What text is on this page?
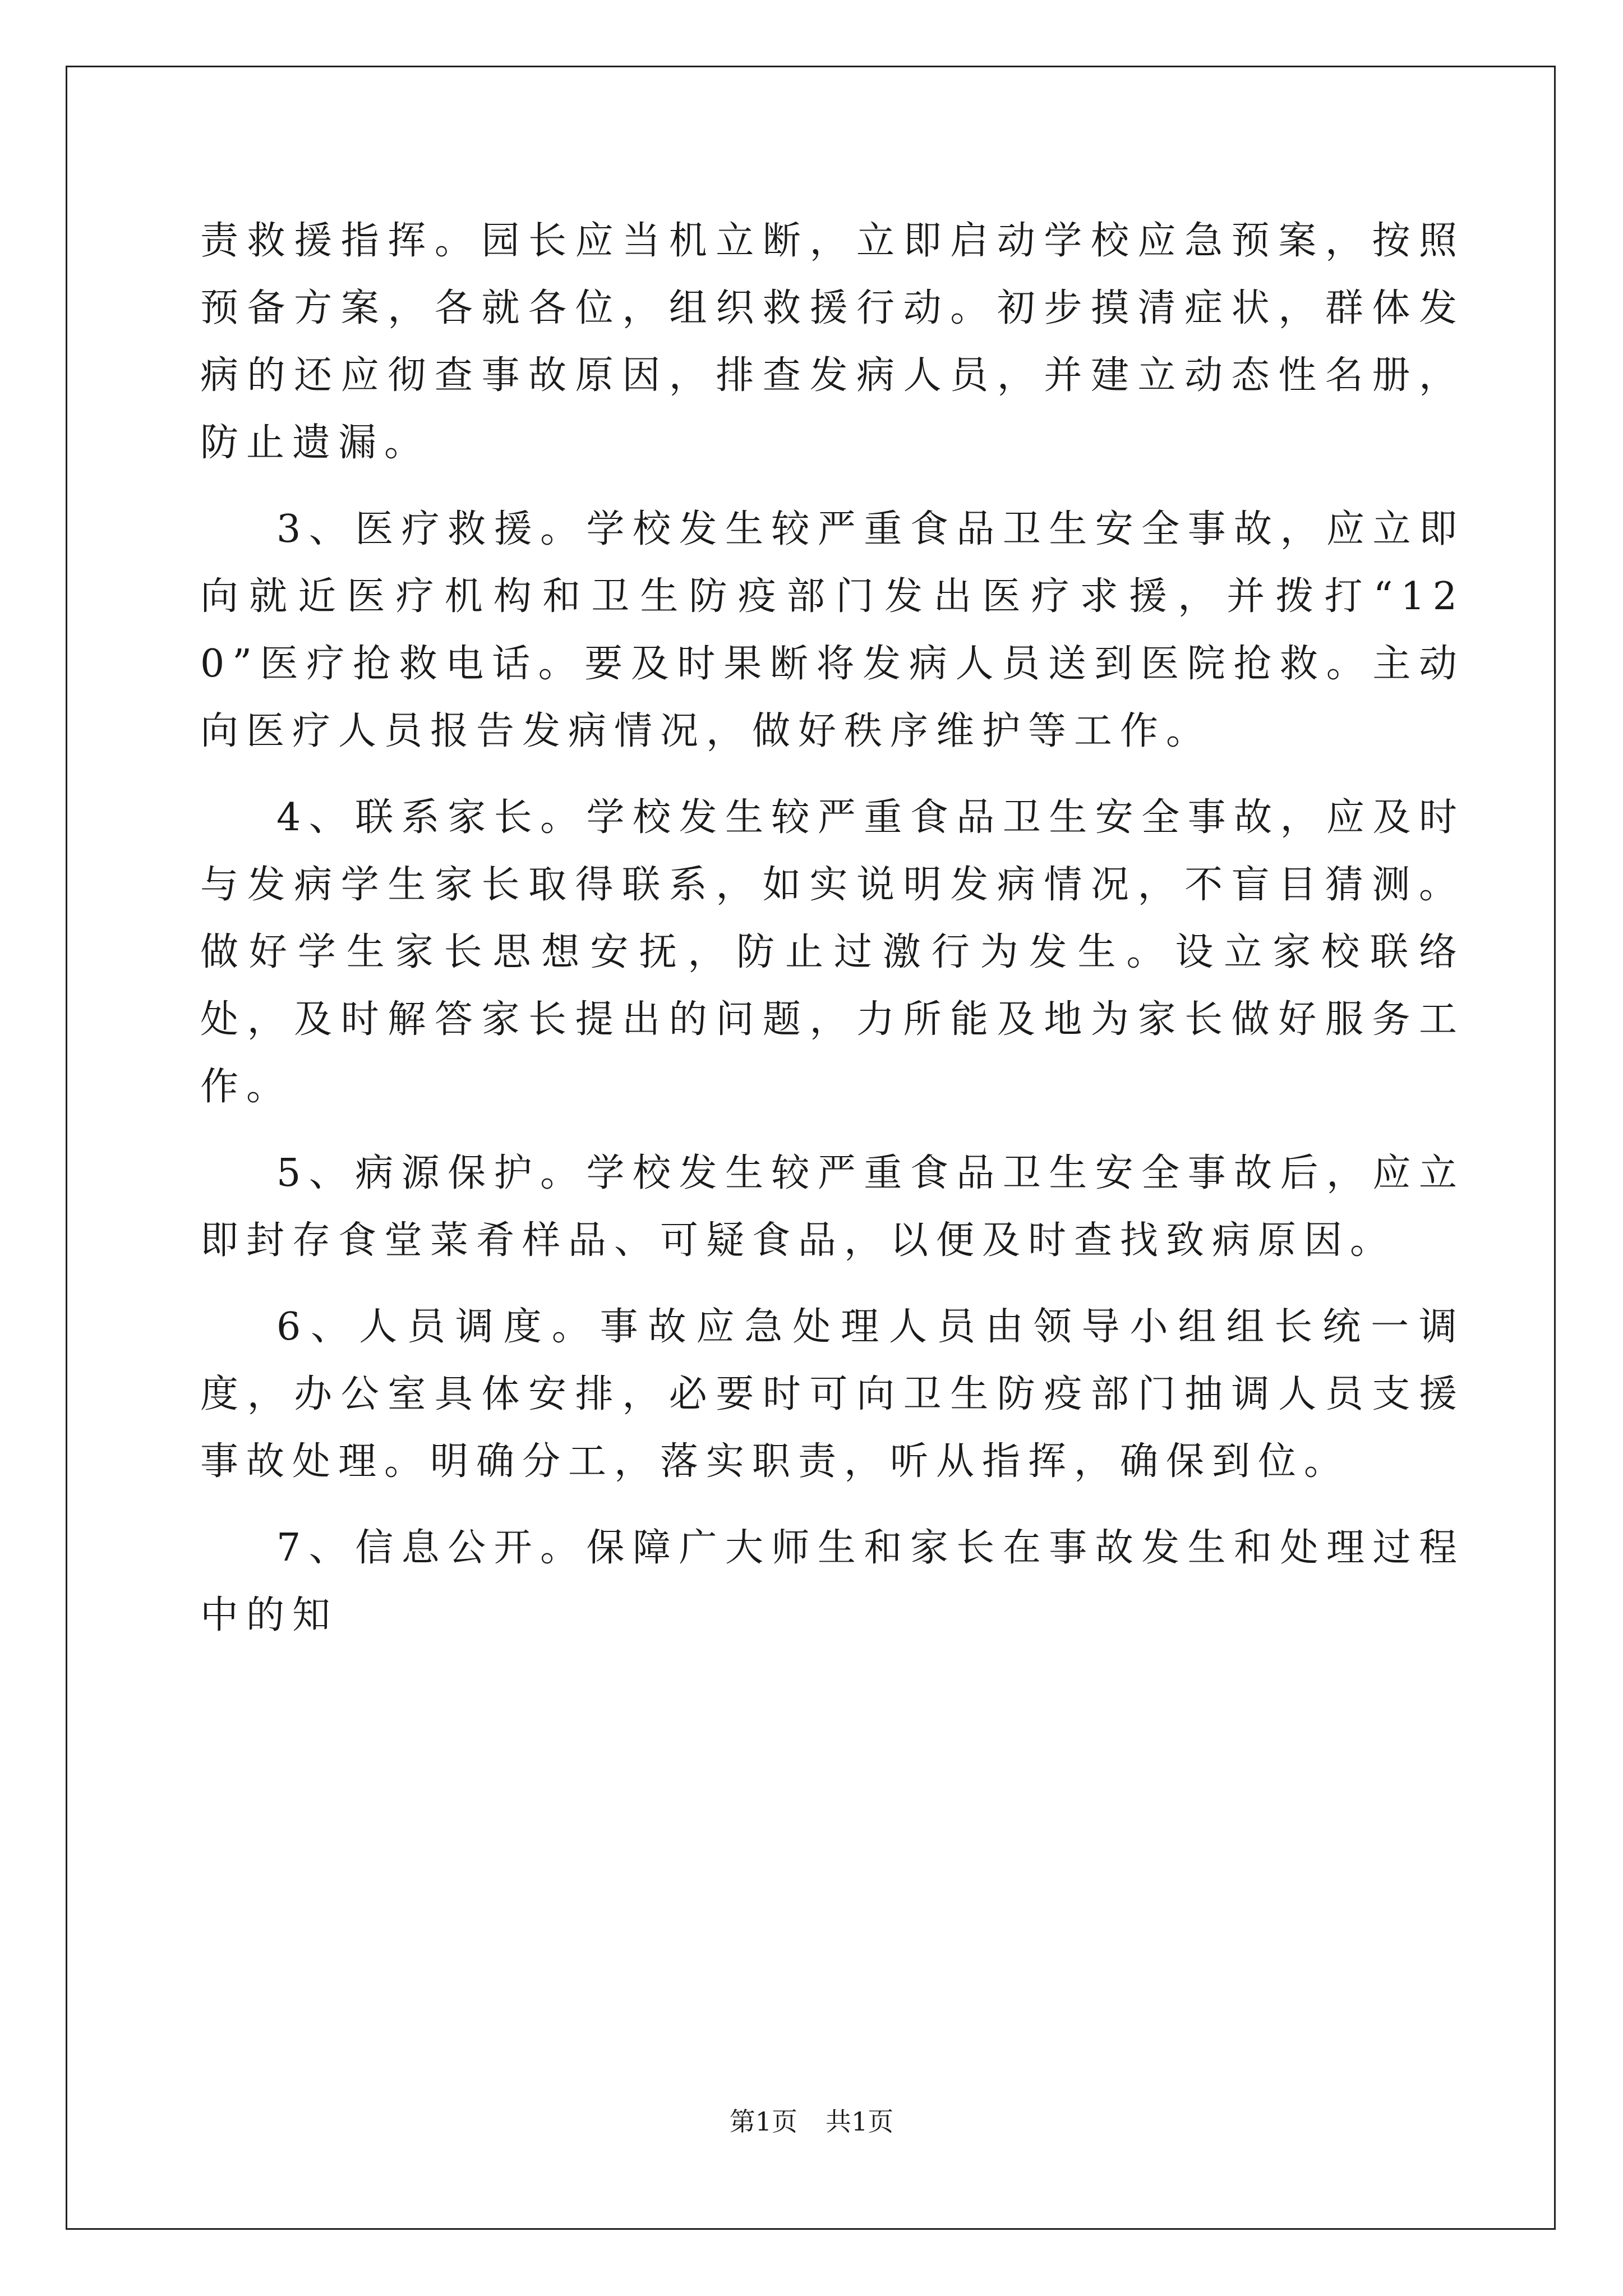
责救援指挥。园长应当机立断，立即启动学校应急预案，按照预备方案，各就各位，组织救援行动。初步摸清症状，群体发病的还应彻查事故原因，排查发病人员，并建立动态性名册，防止遗漏。

3、医疗救援。学校发生较严重食品卫生安全事故，应立即向就近医疗机构和卫生防疫部门发出医疗求援，并拨打“120”医疗抢救电话。要及时果断将发病人员送到医院抢救。主动向医疗人员报告发病情况，做好秩序维护等工作。

4、联系家长。学校发生较严重食品卫生安全事故，应及时与发病学生家长取得联系，如实说明发病情况，不盲目猜测。做好学生家长思想安抚，防止过激行为发生。设立家校联络处，及时解答家长提出的问题，力所能及地为家长做好服务工作。

5、病源保护。学校发生较严重食品卫生安全事故后，应立即封存食堂菜肴样品、可疑食品，以便及时查找致病原因。

6、人员调度。事故应急处理人员由领导小组组长统一调度，办公室具体安排，必要时可向卫生防疫部门抽调人员支援事故处理。明确分工，落实职责，听从指挥，确保到位。

7、信息公开。保障广大师生和家长在事故发生和处理过程中的知

第1页 共1页
